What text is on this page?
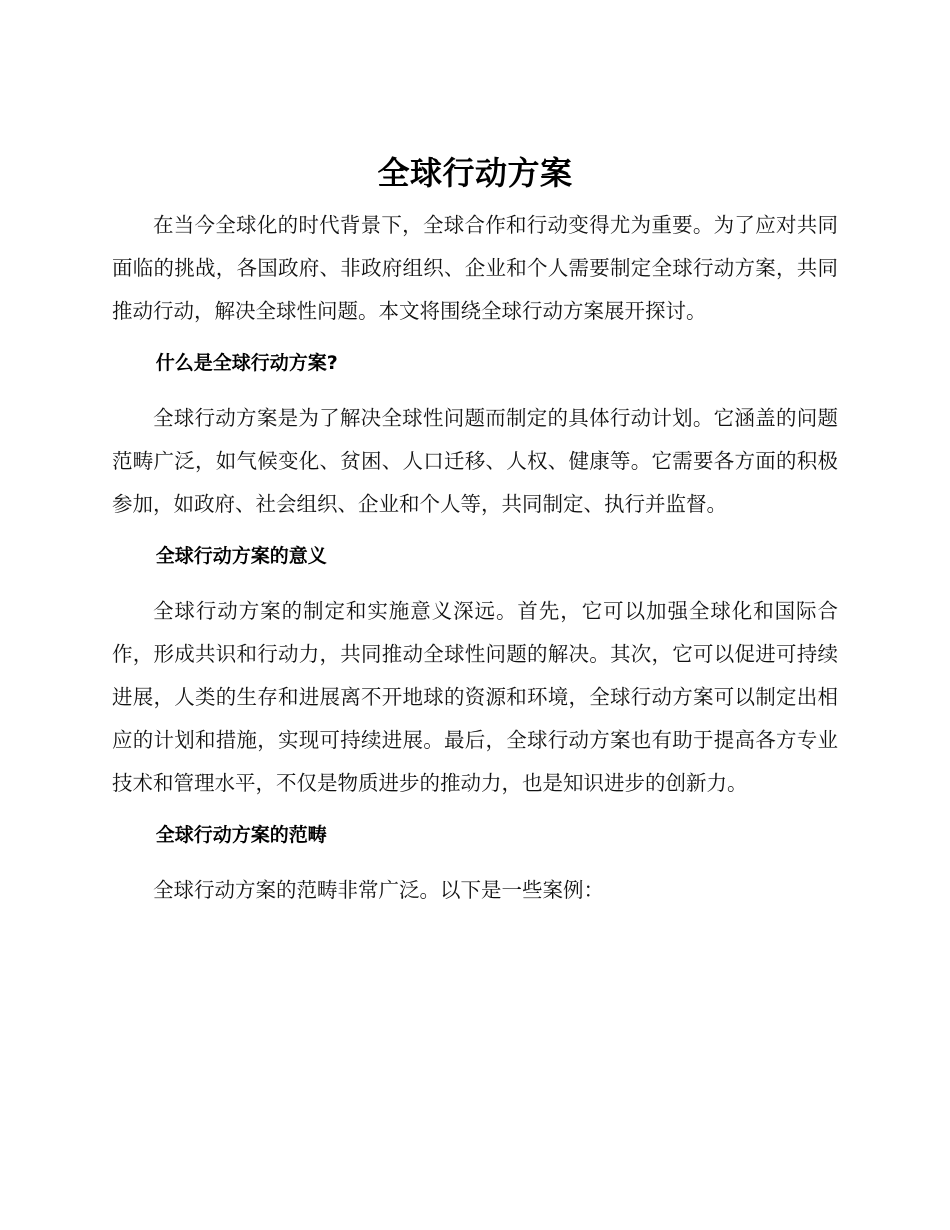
全球行动方案

在当今全球化的时代背景下，全球合作和行动变得尤为重要。为了应对共同面临的挑战，各国政府、非政府组织、企业和个人需要制定全球行动方案，共同推动行动，解决全球性问题。本文将围绕全球行动方案展开探讨。

什么是全球行动方案?

全球行动方案是为了解决全球性问题而制定的具体行动计划。它涵盖的问题范畴广泛，如气候变化、贫困、人口迁移、人权、健康等。它需要各方面的积极参加，如政府、社会组织、企业和个人等，共同制定、执行并监督。

全球行动方案的意义

全球行动方案的制定和实施意义深远。首先，它可以加强全球化和国际合作，形成共识和行动力，共同推动全球性问题的解决。其次，它可以促进可持续进展，人类的生存和进展离不开地球的资源和环境，全球行动方案可以制定出相应的计划和措施，实现可持续进展。最后，全球行动方案也有助于提高各方专业技术和管理水平，不仅是物质进步的推动力，也是知识进步的创新力。

全球行动方案的范畴

全球行动方案的范畴非常广泛。以下是一些案例：
